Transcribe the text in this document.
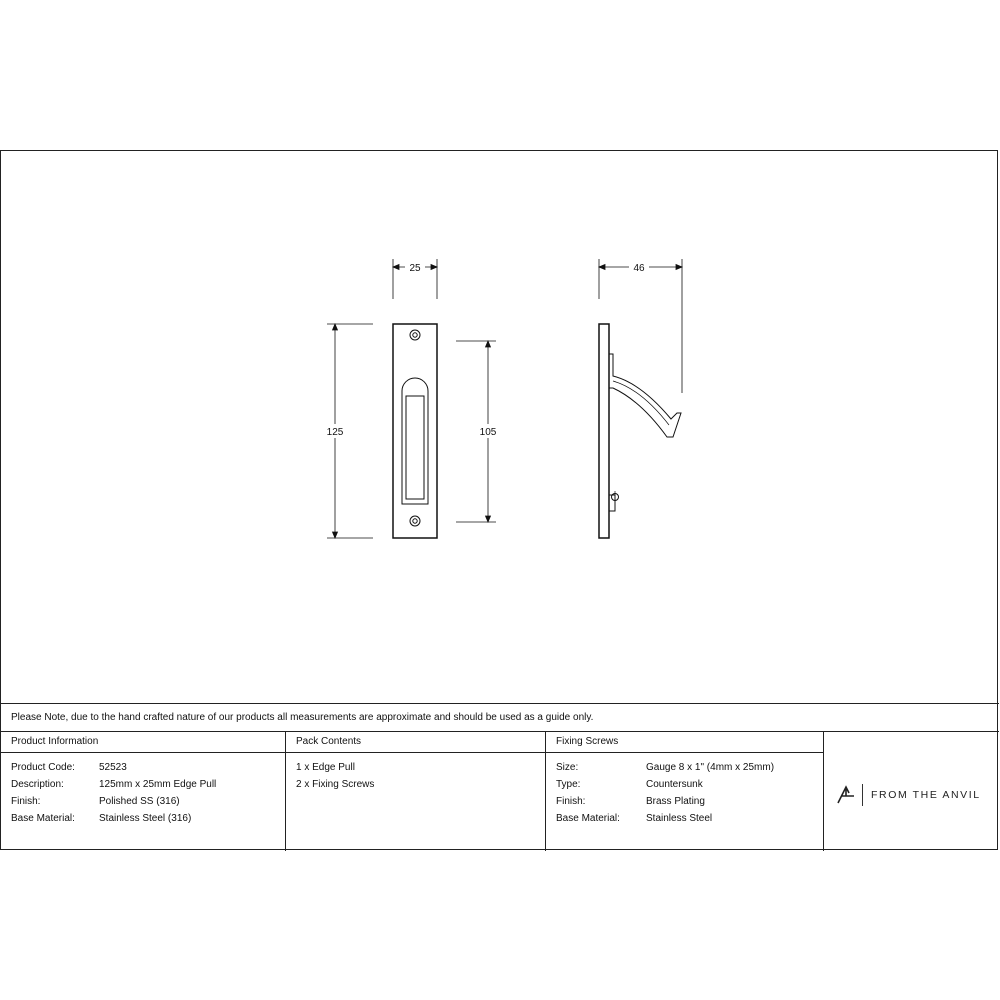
25
125	105
46
Please Note, due to the hand crafted nature of our products all measurements are approximate and should be used as a guide only.
Product Information
Product Code:	52523
Description:	125mm x 25mm Edge Pull
Finish:	Polished SS (316)
Base Material:	Stainless Steel (316)
Pack Contents
1 x Edge Pull
2 x Fixing Screws
Fixing Screws
Size:	Gauge 8 x 1" (4mm x 25mm)
Type:	Countersunk
Finish:	Brass Plating
Base Material:	Stainless Steel
FROM THE ANVIL
